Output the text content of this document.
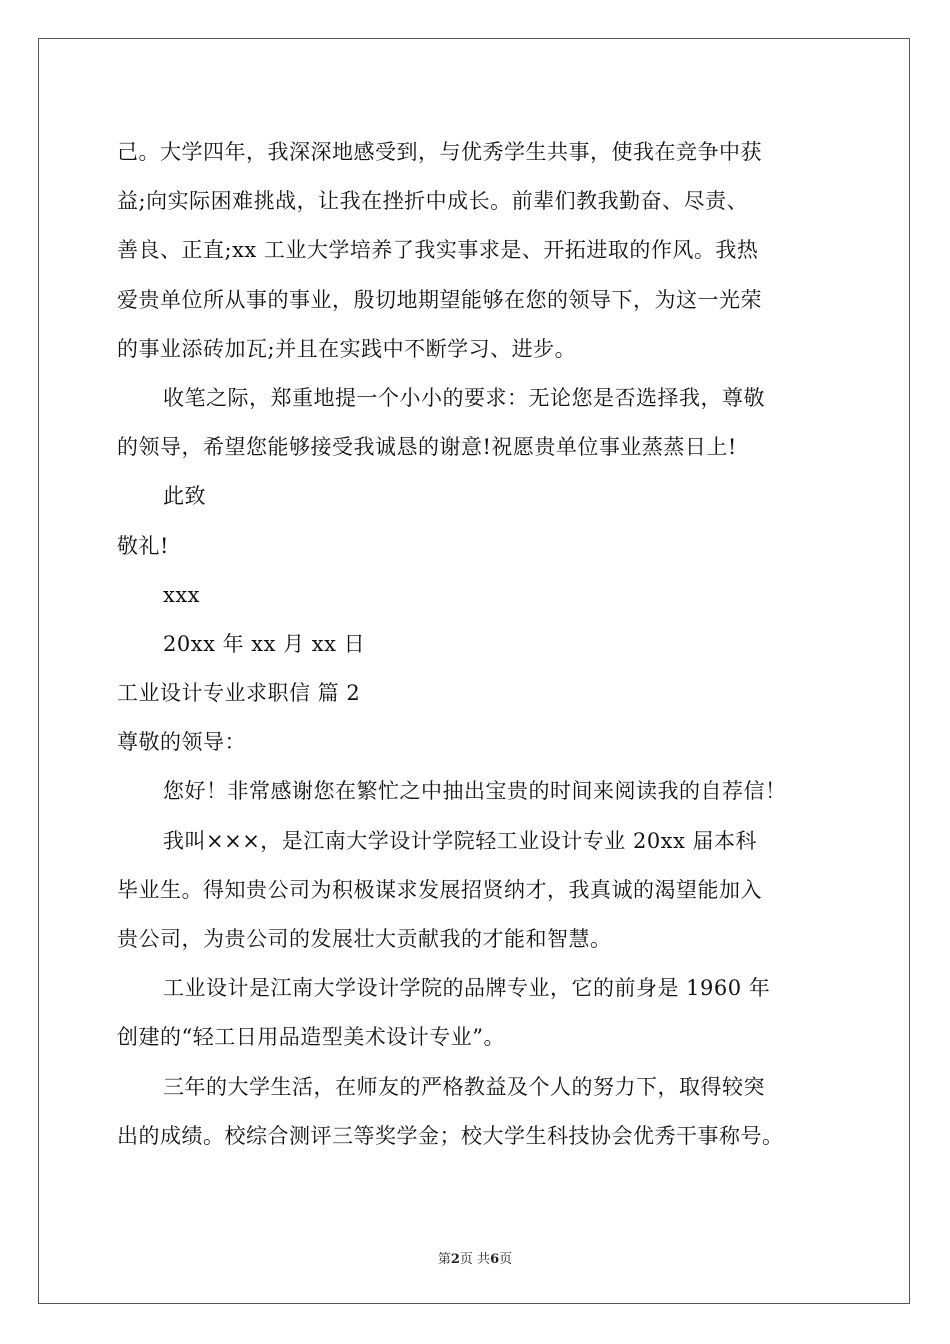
己。大学四年，我深深地感受到，与优秀学生共事，使我在竞争中获
益;向实际困难挑战，让我在挫折中成长。前辈们教我勤奋、尽责、
善良、正直;xx 工业大学培养了我实事求是、开拓进取的作风。我热
爱贵单位所从事的事业，殷切地期望能够在您的领导下，为这一光荣
的事业添砖加瓦;并且在实践中不断学习、进步。
收笔之际，郑重地提一个小小的要求：无论您是否选择我，尊敬
的领导，希望您能够接受我诚恳的谢意!祝愿贵单位事业蒸蒸日上!
此致
敬礼!
xxx
20xx 年 xx 月 xx 日
工业设计专业求职信 篇 2
尊敬的领导：
您好！非常感谢您在繁忙之中抽出宝贵的时间来阅读我的自荐信！
我叫×××，是江南大学设计学院轻工业设计专业 20xx 届本科
毕业生。得知贵公司为积极谋求发展招贤纳才，我真诚的渴望能加入
贵公司，为贵公司的发展壮大贡献我的才能和智慧。
工业设计是江南大学设计学院的品牌专业，它的前身是 1960 年
创建的“轻工日用品造型美术设计专业”。
三年的大学生活，在师友的严格教益及个人的努力下，取得较突
出的成绩。校综合测评三等奖学金；校大学生科技协会优秀干事称号。
第2页 共6页
